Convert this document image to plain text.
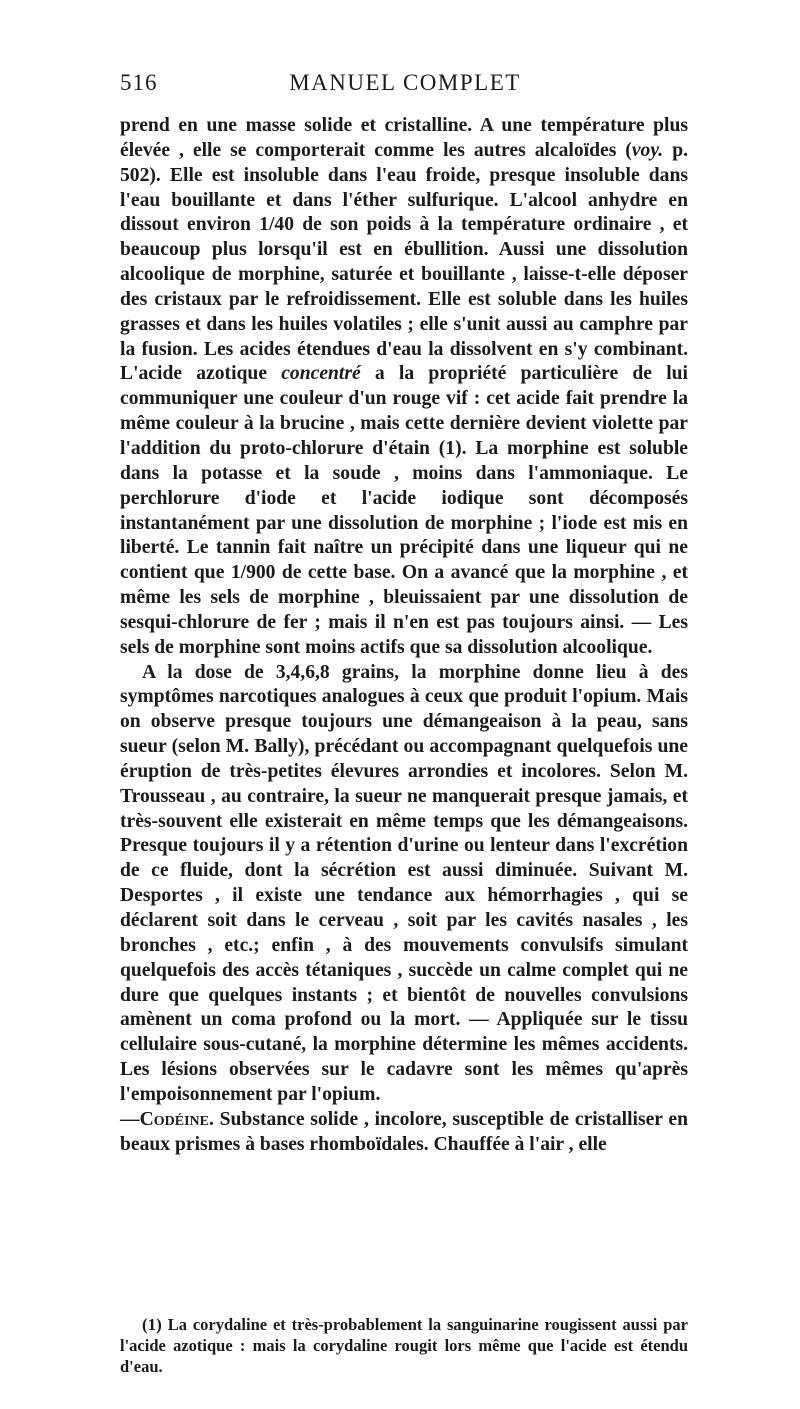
516	MANUEL COMPLET

prend en une masse solide et cristalline. A une température plus élevée , elle se comporterait comme les autres alcaloïdes (voy. p. 502). Elle est insoluble dans l'eau froide, presque insoluble dans l'eau bouillante et dans l'éther sulfurique. L'alcool anhydre en dissout environ 1/40 de son poids à la température ordinaire , et beaucoup plus lorsqu'il est en ébullition. Aussi une dissolution alcoolique de morphine, saturée et bouillante , laisse-t-elle déposer des cristaux par le refroidissement. Elle est soluble dans les huiles grasses et dans les huiles volatiles ; elle s'unit aussi au camphre par la fusion. Les acides étendues d'eau la dissolvent en s'y combinant. L'acide azotique concentré a la propriété particulière de lui communiquer une couleur d'un rouge vif : cet acide fait prendre la même couleur à la brucine , mais cette dernière devient violette par l'addition du proto-chlorure d'étain (1). La morphine est soluble dans la potasse et la soude , moins dans l'ammoniaque. Le perchlorure d'iode et l'acide iodique sont décomposés instantanément par une dissolution de morphine ; l'iode est mis en liberté. Le tannin fait naître un précipité dans une liqueur qui ne contient que 1/900 de cette base. On a avancé que la morphine , et même les sels de morphine , bleuissaient par une dissolution de sesqui-chlorure de fer ; mais il n'en est pas toujours ainsi. — Les sels de morphine sont moins actifs que sa dissolution alcoolique.

A la dose de 3,4,6,8 grains, la morphine donne lieu à des symptômes narcotiques analogues à ceux que produit l'opium. Mais on observe presque toujours une démangeaison à la peau, sans sueur (selon M. Bally), précédant ou accompagnant quelquefois une éruption de très-petites élevures arrondies et incolores. Selon M. Trousseau , au contraire, la sueur ne manquerait presque jamais, et très-souvent elle existerait en même temps que les démangeaisons. Presque toujours il y a rétention d'urine ou lenteur dans l'excrétion de ce fluide, dont la sécrétion est aussi diminuée. Suivant M. Desportes , il existe une tendance aux hémorrhagies , qui se déclarent soit dans le cerveau , soit par les cavités nasales , les bronches , etc.; enfin , à des mouvements convulsifs simulant quelquefois des accès tétaniques , succède un calme complet qui ne dure que quelques instants ; et bientôt de nouvelles convulsions amènent un coma profond ou la mort. — Appliquée sur le tissu cellulaire sous-cutané, la morphine détermine les mêmes accidents. Les lésions observées sur le cadavre sont les mêmes qu'après l'empoisonnement par l'opium.

—Codéine. Substance solide , incolore, susceptible de cristalliser en beaux prismes à bases rhomboïdales. Chauffée à l'air , elle

(1) La corydaline et très-probablement la sanguinarine rougissent aussi par l'acide azotique : mais la corydaline rougit lors même que l'acide est étendu d'eau.
